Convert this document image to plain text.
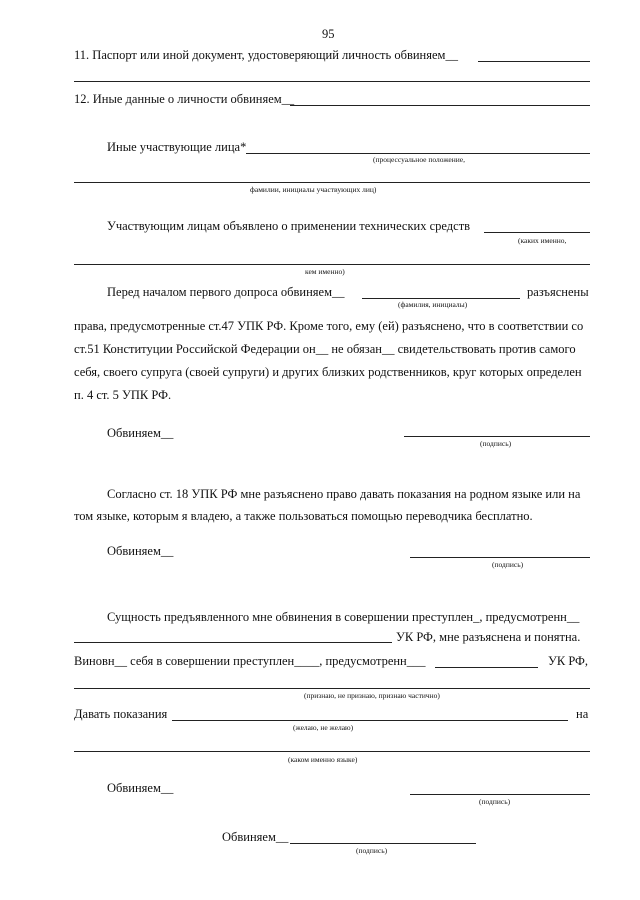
95
11. Паспорт или иной документ, удостоверяющий личность обвиняем__
12. Иные данные о личности обвиняем__
Иные участвующие лица*
(процессуальное положение,
фамилии, инициалы участвующих лиц)
Участвующим лицам объявлено о применении технических средств
(каких именно,
кем именно)
Перед началом первого допроса обвиняем__	разъяснены
(фамилия, инициалы)
права, предусмотренные ст.47 УПК РФ. Кроме того, ему (ей) разъяснено, что в соответствии со
ст.51 Конституции Российской Федерации он__ не обязан__ свидетельствовать против самого
себя, своего супруга (своей супруги) и других близких родственников, круг которых определен
п. 4 ст. 5 УПК РФ.
Обвиняем__
(подпись)
Согласно ст. 18 УПК РФ мне разъяснено право давать показания на родном языке или на
том языке, которым я владею, а также пользоваться помощью переводчика бесплатно.
Обвиняем__
(подпись)
Сущность предъявленного мне обвинения в совершении преступлен_, предусмотренн__
УК РФ, мне разъяснена и понятна.
Виновн__ себя в совершении преступлен____, предусмотренн___	УК РФ,
(признаю, не признаю, признаю частично)
Давать показания	на
(желаю, не желаю)
(каком именно языке)
Обвиняем__
(подпись)
Обвиняем__
(подпись)
